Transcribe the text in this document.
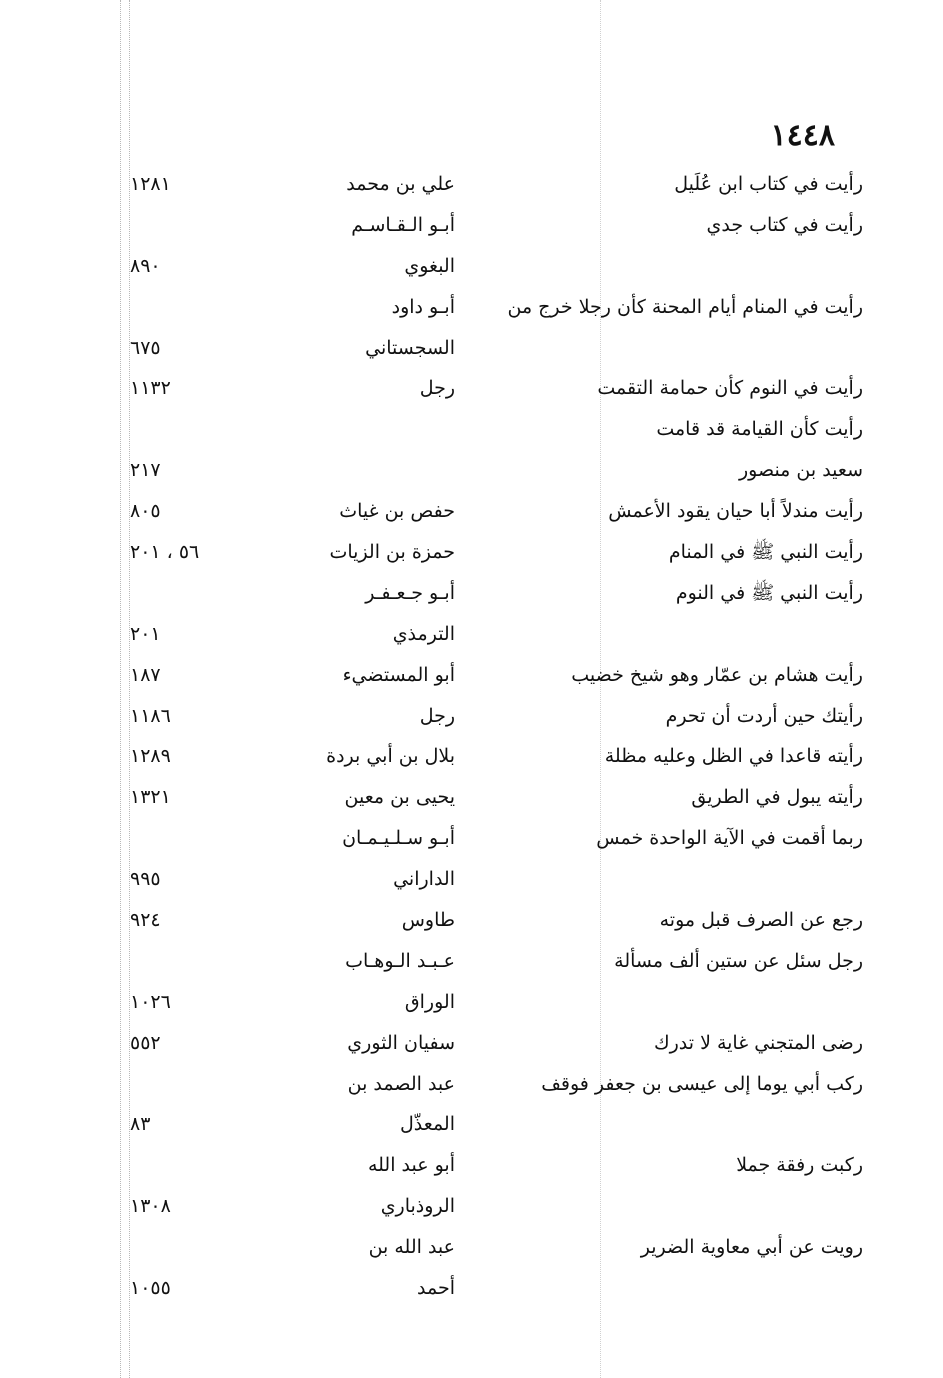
١٤٤٨
رأيت في كتاب ابن عُلَيل
علي بن محمد
١٢٨١
رأيت في كتاب جدي
أبـو الـقـاسـم
البغوي
٨٩٠
رأيت في المنام أيام المحنة كأن رجلا خرج من
أبـو داود
السجستاني
٦٧٥
رأيت في النوم كأن حمامة التقمت
رجل
١١٣٢
رأيت كأن القيامة قد قامت
سعيد بن منصور
٢١٧
رأيت مندلاً أبا حيان يقود الأعمش
حفص بن غياث
٨٠٥
رأيت النبي ﷺ في المنام
حمزة بن الزيات
٥٦ ، ٢٠١
رأيت النبي ﷺ في النوم
أبـو جـعـفـر
الترمذي
٢٠١
رأيت هشام بن عمّار وهو شيخ خضيب
أبو المستضيء
١٨٧
رأيتك حين أردت أن تحرم
رجل
١١٨٦
رأيته قاعدا في الظل وعليه مظلة
بلال بن أبي بردة
١٢٨٩
رأيته يبول في الطريق
يحيى بن معين
١٣٢١
ربما أقمت في الآية الواحدة خمس
أبـو سـلـيـمـان
الداراني
٩٩٥
رجع عن الصرف قبل موته
طاوس
٩٢٤
رجل سئل عن ستين ألف مسألة
عـبـد الـوهـاب
الوراق
١٠٢٦
رضى المتجني غاية لا تدرك
سفيان الثوري
٥٥٢
ركب أبي يوما إلى عيسى بن جعفر فوقف
عبد الصمد بن
المعذّل
٨٣
ركبت رفقة جملا
أبو عبد الله
الروذباري
١٣٠٨
رويت عن أبي معاوية الضرير
عبد الله بن
أحمد
١٠٥٥
